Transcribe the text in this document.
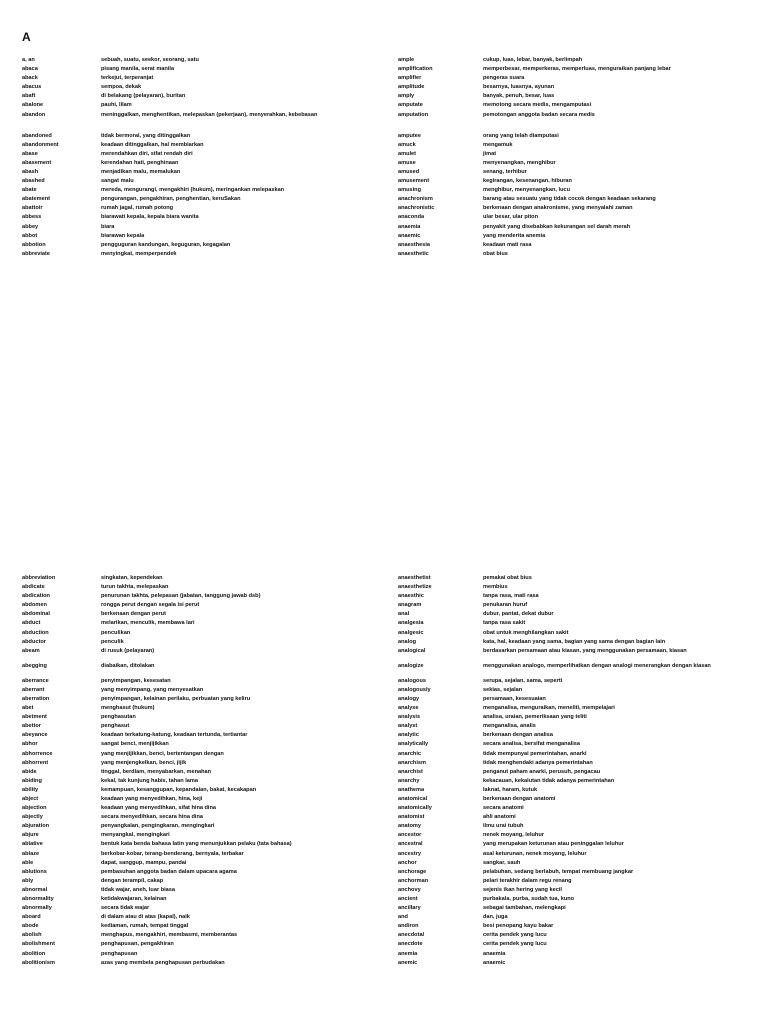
A
a, an	sebuah, suatu, seekor, seorang, satu
abaca	pisang manila, serat manila
aback	terkejut, terperanjat
abacus	sempoa, dekak
abaft	di belakang (pelayaran), buritan
abalone	pauhi, lilam
abandon	meninggalkan, menghentikan, melepaskan (pekerjaan), menyerahkan, kebebasan
abandoned	tidak bermoral, yang ditinggalkan
abandonment	keadaan ditinggalkan, hal membiarkan
abase	merendahkan diri, sifat rendah diri
abasement	kerendahan hati, penghinaan
abash	menjadikan malu, memalukan
abashed	sangat malu
abate	mereda, mengurangi, mengakhiri (hukum), meringankan melepaskan
abatement	pengurangan, pengakhiran, penghentian, keruSakan
abattoir	rumah jagal, rumah potong
abbess	biarawati kepala, kepala biara wanita
abbey	biara
abbot	biarawan kepala
abbotion	pengguguran kandungan, keguguran, kegagalan
abbreviate	menyingkat, memperpendek
ample	cukup, luas, lebar, banyak, berlimpah
amplification	memperbesar, memperkeras, memperluas, menguraikan panjang lebar
amplifier	pengeras suara
amplitude	besarnya, luasnya, ayunan
amply	banyak, penuh, besar, luas
amputate	memotong secara medis, mengamputasi
amputation	pemotongan anggota badan secara medis
amputee	orang yang telah diamputasi
amuck	mengamuk
amulet	jimat
amuse	menyenangkan, menghibur
amused	senang, terhibur
amusement	kegirangan, kesenangan, hiburan
amusing	menghibur, menyenangkan, lucu
anachronism	barang atau sesuatu yang tidak cocok dengan keadaan sekarang
anachronistic	berkenaan dengan anakronisme, yang menyalahi zaman
anaconda	ular besar, ular piton
anaemia	penyakit yang disebabkan kekurangan sel darah merah
anaemic	yang menderita anemia
anaesthesia	keadaan mati rasa
anaesthetic	obat bius
abbreviation	singkatan, kependekan
abdicate	turun takhta, melepaskan
abdication	penurunan takhta, pelepasan (jabatan, tanggung jawab dsb)
abdomen	rongga perut dengan segala isi perut
abdominal	berkenaan dengan perut
abduct	melarikan, menculik, membawa lari
abduction	penculikan
abductor	penculik
abeam	di rusuk (pelayaran)
abegging	diabaikan, ditolakan
aberrance	penyimpangan, kesesatan
aberrant	yang menyimpang, yang menyesatkan
aberration	penyimpangan, kelainan perilaku, perbuatan yang keliru
abet	menghasut (hukum)
abetment	penghasutan
abettor	penghasut
abeyance	keadaan terkatung-katung, keadaan tertunda, tertiantar
abhor	sangat benci, menjijikkan
abhorrence	yang menjijikkan, benci, bertentangan dengan
abhorrent	yang menjengkelkan, benci, jijik
abide	tinggal, berdiam, menyabarkan, menahan
abiding	kekal, tak kunjung habis, tahan lama
ability	kemampuan, kesanggupan, kepandaian, bakat, kecakapan
abject	keadaan yang menyedihkan, hina, keji
abjection	keadaan yang menyedihkan, sifat hina dina
abjectly	secara menyedihkan, secara hina dina
abjuration	penyangkalan, pengingkaran, mengingkari
abjure	menyangkal, mengingkari
ablative	bentuk kata benda bahasa latin yang menunjukkan pelaku (tata bahasa)
ablaze	berkobar-kobar, terang-benderang, bernyala, terbakar
able	dapat, sanggup, mampu, pandai
ablutions	pembasuhan anggota badan dalam upacara agama
ably	dengan terampil, cakap
abnormal	tidak wajar, aneh, luar biasa
abnormality	ketidakwajaran, kelainan
abnormally	secara tidak wajar
aboard	di dalam atau di atas (kapal), naik
abode	kediaman, rumah, tempat tinggal
abolish	menghapus, mengakhiri, membasmi, memberantas
abolishment	penghapusan, pengakhiran
abolition	penghapusan
abolitionism	azas yang membela penghapusan perbudakan
anaesthetist	pemakai obat bius
anaesthetize	membius
anaesthic	tanpa rasa, mati rasa
anagram	penukaran huruf
anal	dubur, pantat, dekat dubur
analgesia	tanpa rasa sakit
analgesic	obat untuk menghilangkan sakit
analog	kata, hal, keadaan yang sama, bagian yang sama dengan bagian lain
analogical	berdasarkan persamaan atau kiasan, yang menggunakan persamaan, kiasan
analogize	menggunakan analogo, memperlihatkan dengan analogi menerangkan dengan kiasan
analogous	serupa, sejalan, sama, seperti
analogously	sekias, sejalan
analogy	persamaan, kesesuaian
analyse	menganalisa, menguraikan, meneliti, mempelajari
analysis	analisa, uraian, pemeriksaan yang teliti
analyst	menganalisa, analis
analytic	berkenaan dengan analisa
analytically	secara analisa, bersifat menganalisa
anarchic	tidak mempunyai pemerintahan, anarki
anarchism	tidak menghendaki adanya pemerintahan
anarchist	penganut paham anarki, perusuh, pengacau
anarchy	kekacauan, kekalutan tidak adanya pemerintahan
anathema	laknat, haram, kutuk
anatomical	berkenaan dengan anatomi
anatomically	secara anatomi
anatomist	ahli anatomi
anatomy	ilmu urai tubuh
ancestor	nenek moyang, leluhur
ancestral	yang merupakan keturunan atau peninggalan leluhur
ancestry	asal keturunan, nenek moyang, leluhur
anchor	sangkar, sauh
anchorage	pelabuhan, sedang berlabuh, tempat membuang jangkar
anchorman	pelari terakhir dalam regu renang
anchovy	sejenis ikan hering yang kecil
ancient	purbakala, purba, sudah tua, kuno
ancillary	sebagai tambahan, melengkapi
and	dan, juga
andiron	besi penopang kayu bakar
anecdotal	cerita pendek yang lucu
anecdote	cerita pendek yang lucu
anemia	anaemia
anemic	anaemic
